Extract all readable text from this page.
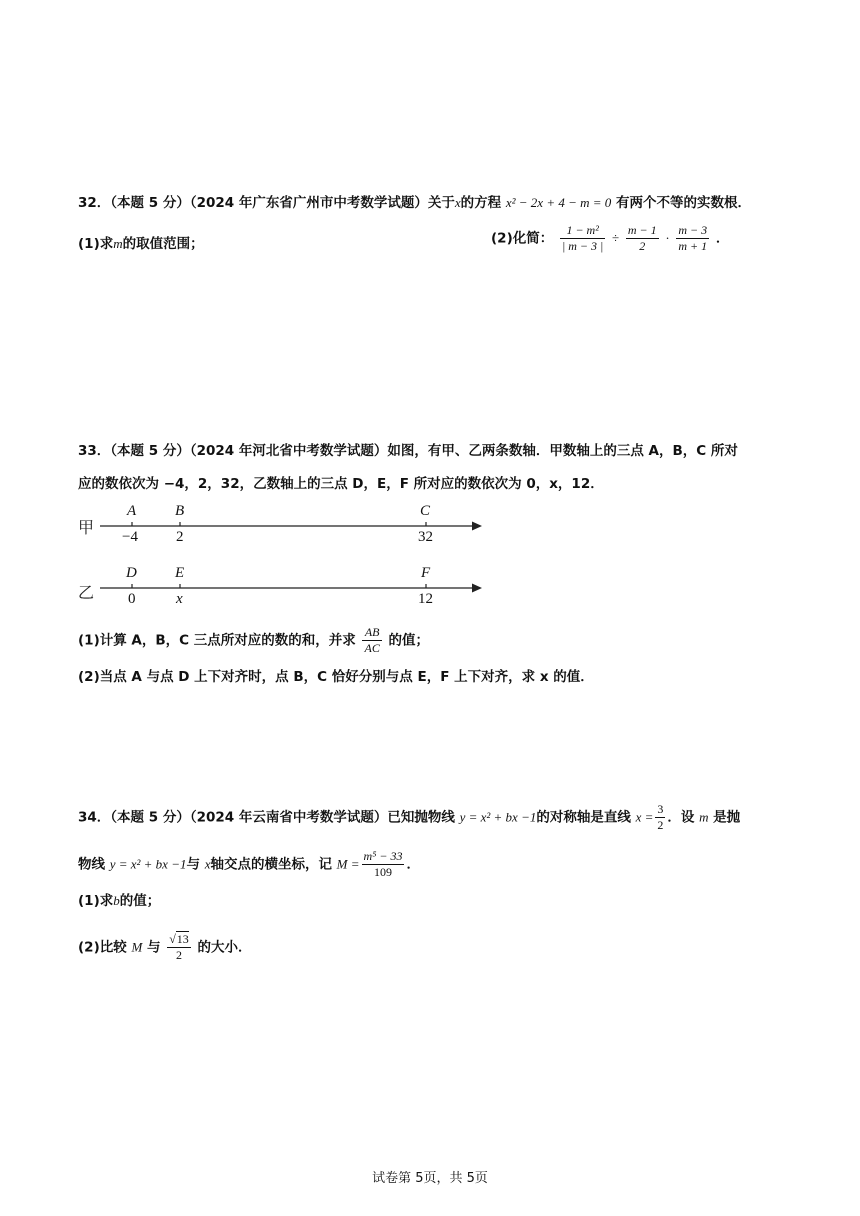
32．（本题 5 分）（2024 年广东省广州市中考数学试题）关于x的方程 x² − 2x + 4 − m = 0 有两个不等的实数根．
(1)求m的取值范围；	(2)化简： $\frac{\text{1 − m²}}{| m - 3 |} \div \frac{m - 1}{2} \cdot \frac{m - 3}{m + 1}$ ．
33．（本题 5 分）（2024 年河北省中考数学试题）如图，有甲、乙两条数轴．甲数轴上的三点 A，B，C 所对
应的数依次为 −4，2，32，乙数轴上的三点 D，E，F 所对应的数依次为 0，x，12．
甲
A	B	C
−4	2	32
乙
D	E	F
0	x	12
(1)计算 A，B，C 三点所对应的数的和，并求 $\frac{AB}{AC}$ 的值；
(2)当点 A 与点 D 上下对齐时，点 B，C 恰好分别与点 E，F 上下对齐，求 x 的值．
34．（本题 5 分）（2024 年云南省中考数学试题）已知抛物线 y = x² + bx −1的对称轴是直线 $x = \frac{3}{2}$ ．设 m 是抛
物线 y = x² + bx −1与 x轴交点的横坐标，记 $M = \frac{\text{m⁵ − 33}}{109}$ ．
(1)求b的值；
(2)比较 M 与 $\frac{√13}{2}$ 的大小．
试卷第 5页，共 5页
